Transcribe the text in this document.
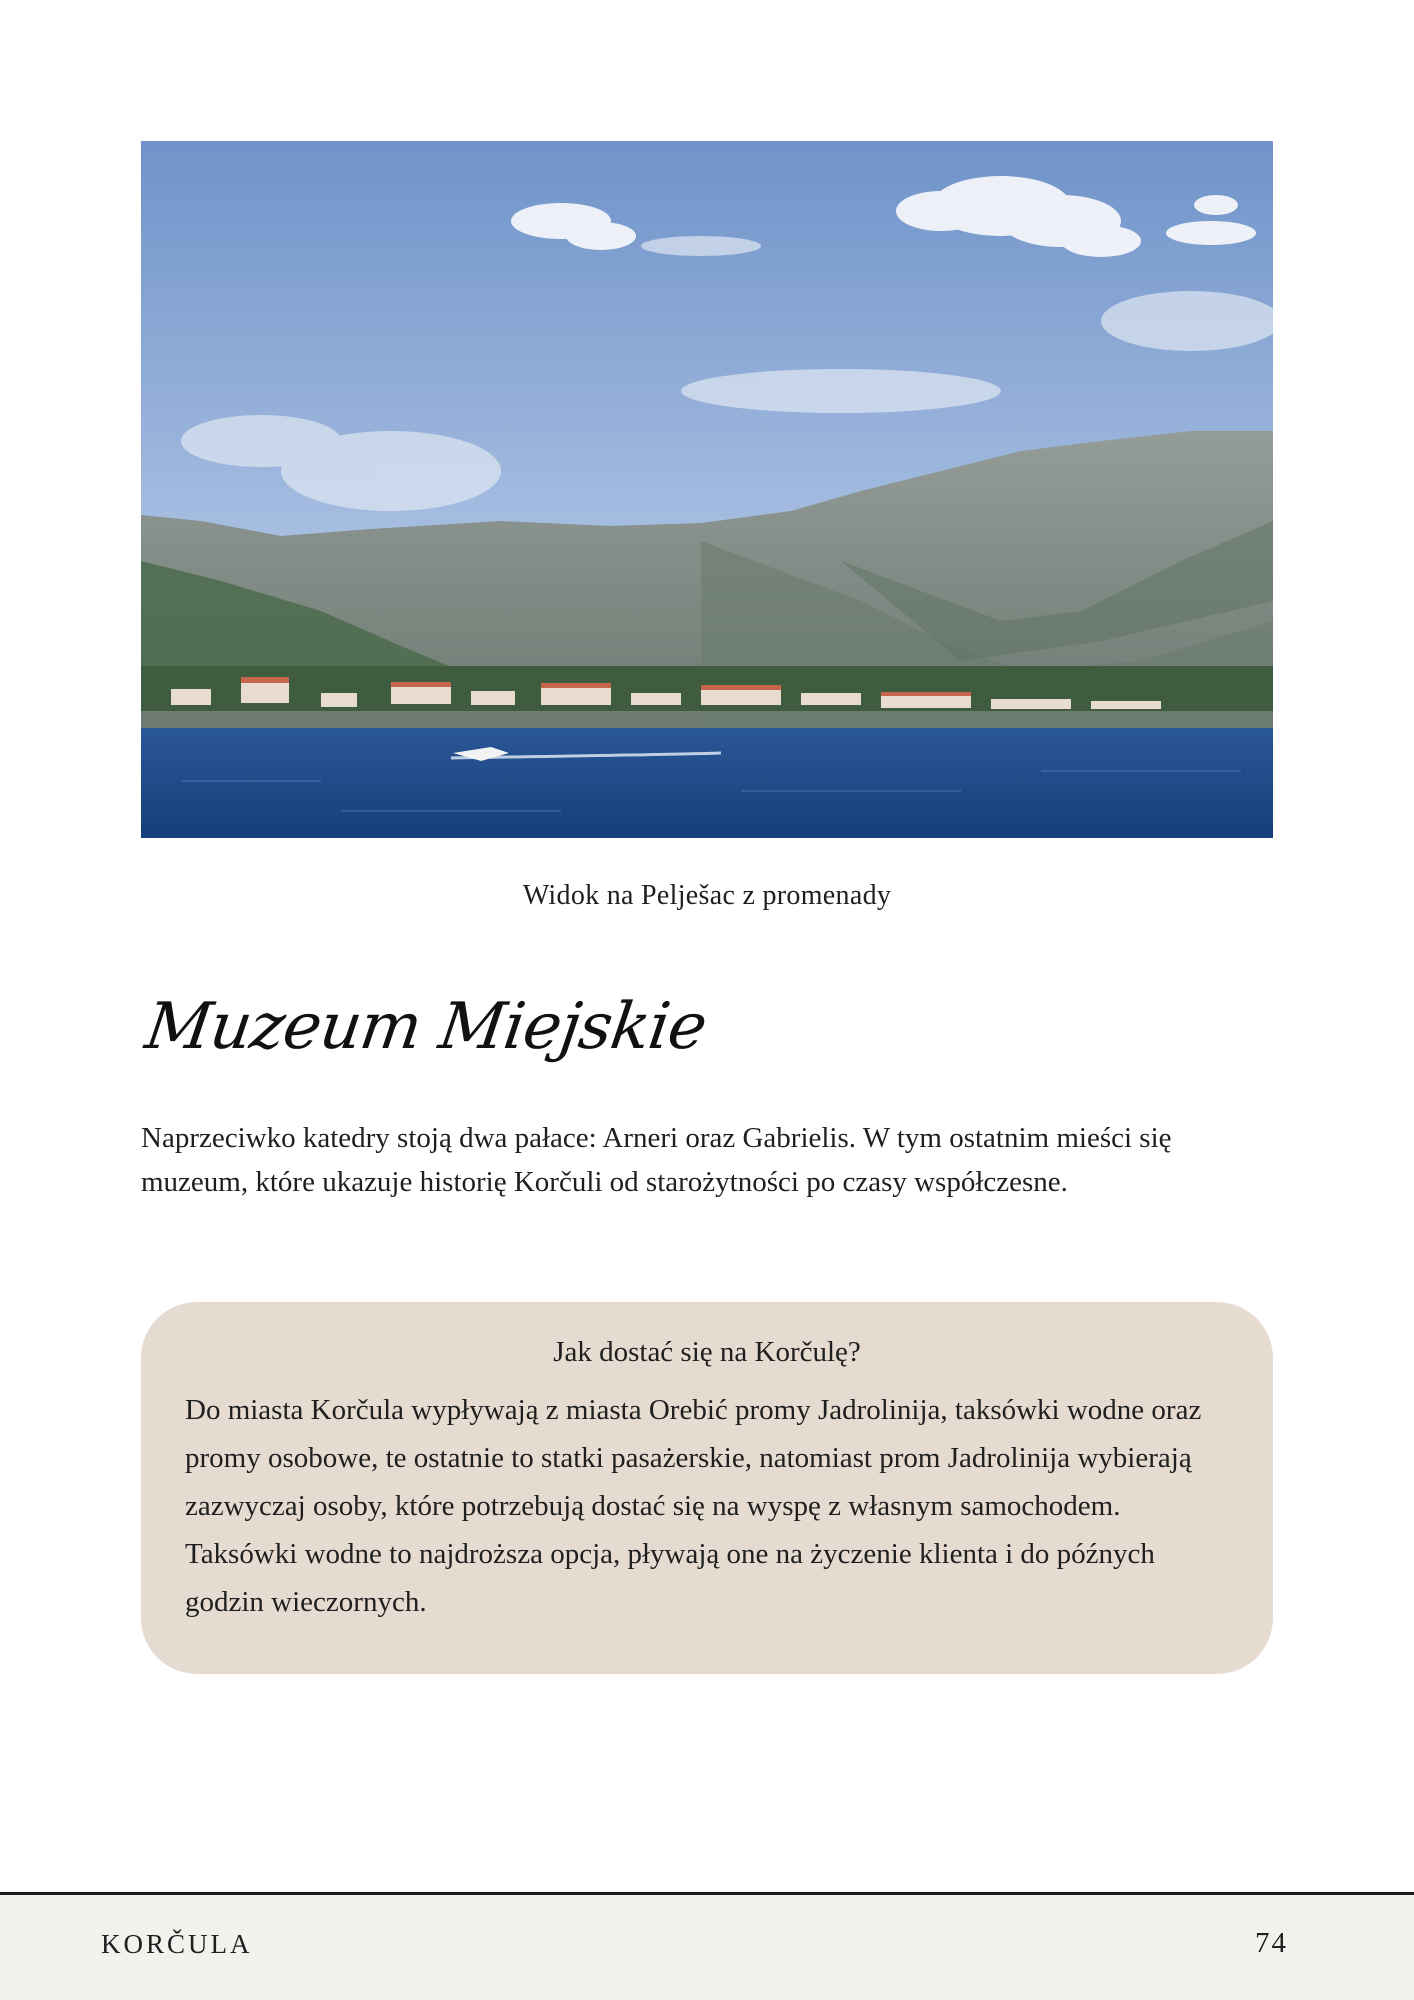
Widok na Pelješac z promenady
Muzeum Miejskie
Naprzeciwko katedry stoją dwa pałace: Arneri oraz Gabrielis. W tym ostatnim mieści się muzeum, które ukazuje historię Korčuli od starożytności po czasy współczesne.
Jak dostać się na Korčulę?
Do miasta Korčula wypływają z miasta Orebić promy Jadrolinija, taksówki wodne oraz promy osobowe, te ostatnie to statki pasażerskie, natomiast prom Jadrolinija wybierają zazwyczaj osoby, które potrzebują dostać się na wyspę z własnym samochodem. Taksówki wodne to najdroższa opcja, pływają one na życzenie klienta i do późnych godzin wieczornych.
KORČULA	74
